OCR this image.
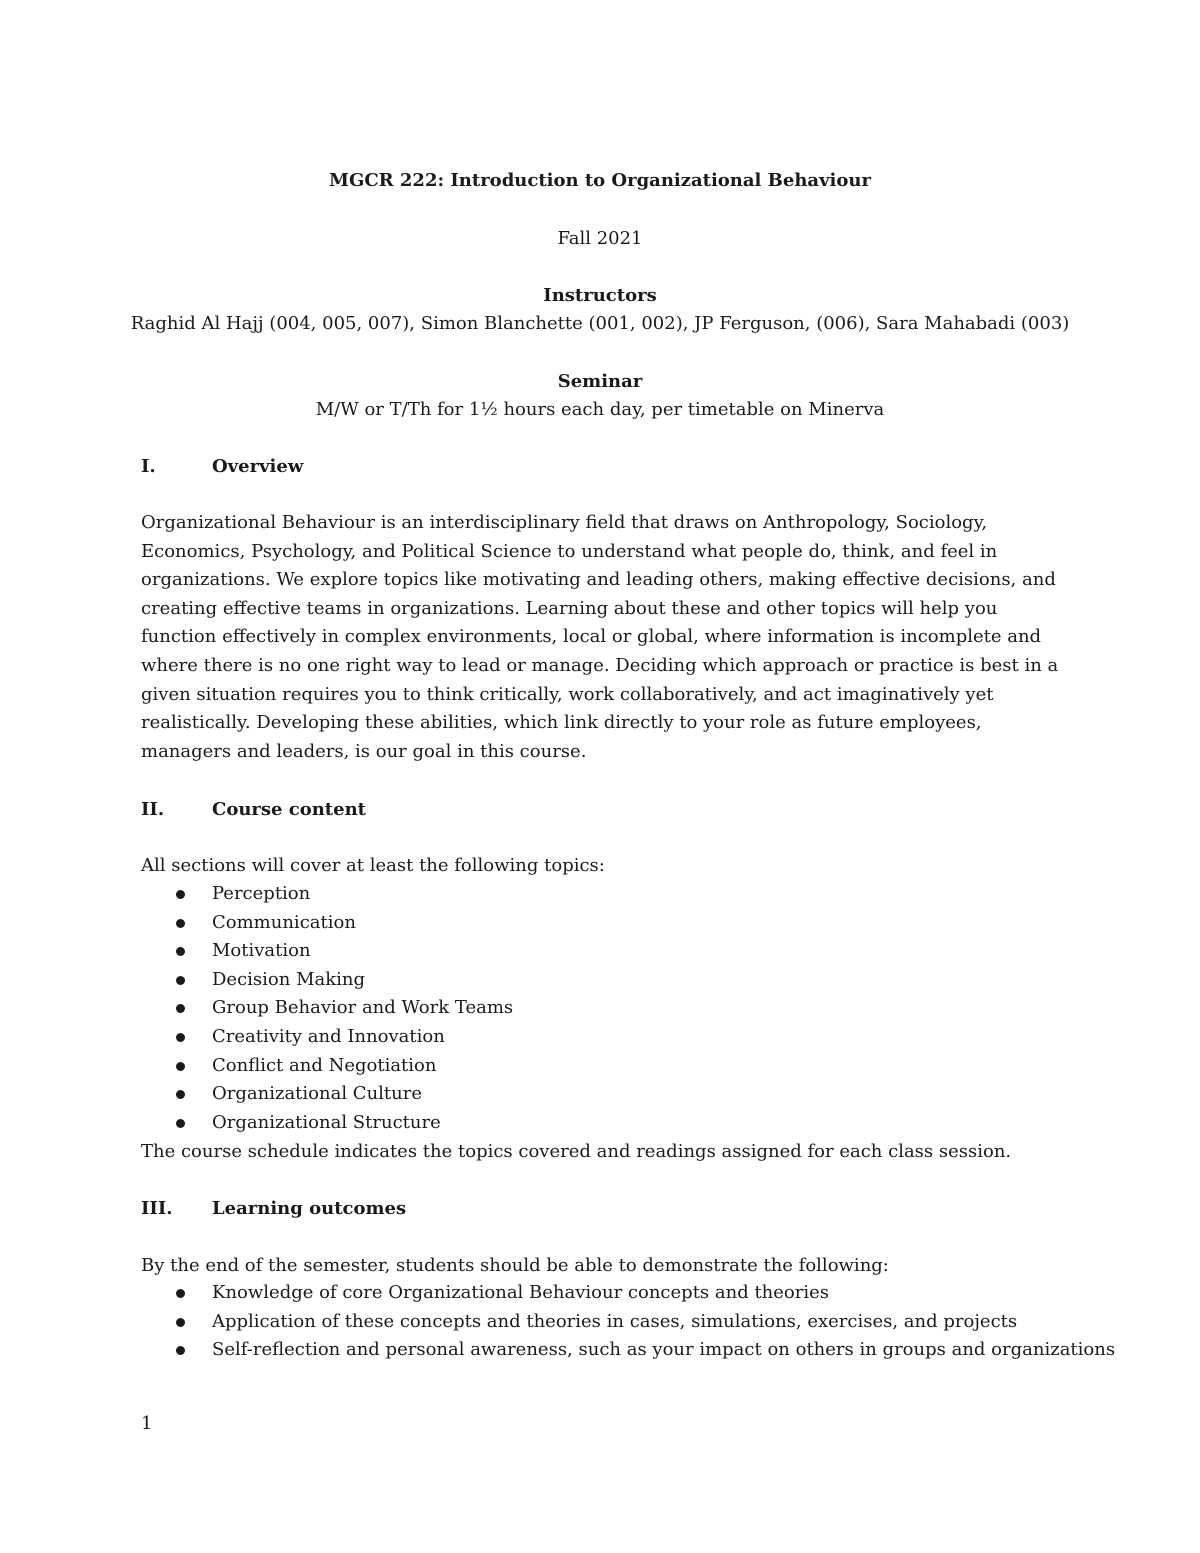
MGCR 222: Introduction to Organizational Behaviour
Fall 2021
Instructors
Raghid Al Hajj (004, 005, 007), Simon Blanchette (001, 002), JP Ferguson, (006), Sara Mahabadi (003)
Seminar
M/W or T/Th for 1½ hours each day, per timetable on Minerva
I.	Overview
Organizational Behaviour is an interdisciplinary field that draws on Anthropology, Sociology, Economics, Psychology, and Political Science to understand what people do, think, and feel in organizations. We explore topics like motivating and leading others, making effective decisions, and creating effective teams in organizations. Learning about these and other topics will help you function effectively in complex environments, local or global, where information is incomplete and where there is no one right way to lead or manage. Deciding which approach or practice is best in a given situation requires you to think critically, work collaboratively, and act imaginatively yet realistically. Developing these abilities, which link directly to your role as future employees, managers and leaders, is our goal in this course.
II.	Course content
All sections will cover at least the following topics:
Perception
Communication
Motivation
Decision Making
Group Behavior and Work Teams
Creativity and Innovation
Conflict and Negotiation
Organizational Culture
Organizational Structure
The course schedule indicates the topics covered and readings assigned for each class session.
III. Learning outcomes
By the end of the semester, students should be able to demonstrate the following:
Knowledge of core Organizational Behaviour concepts and theories
Application of these concepts and theories in cases, simulations, exercises, and projects
Self-reflection and personal awareness, such as your impact on others in groups and organizations
1
